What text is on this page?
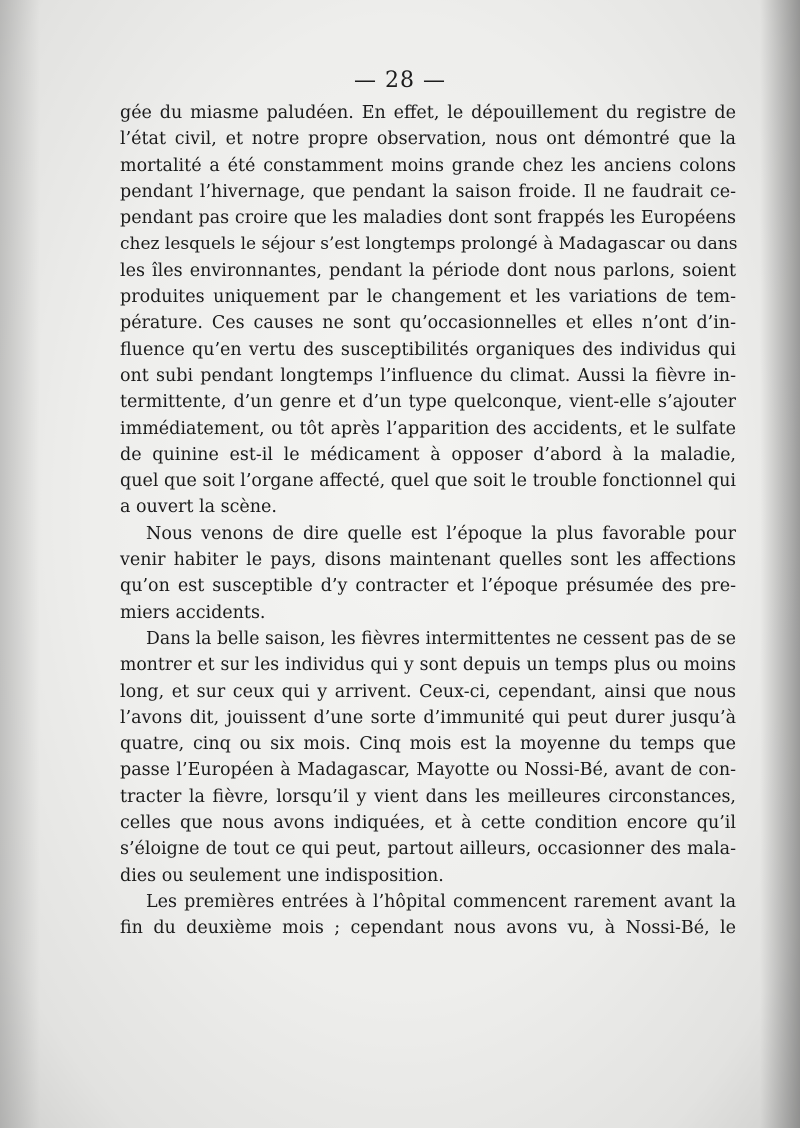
— 28 —
gée du miasme paludéen. En effet, le dépouillement du registre de
l’état civil, et notre propre observation, nous ont démontré que la
mortalité a été constamment moins grande chez les anciens colons
pendant l’hivernage, que pendant la saison froide. Il ne faudrait ce-
pendant pas croire que les maladies dont sont frappés les Européens
chez lesquels le séjour s’est longtemps prolongé à Madagascar ou dans
les îles environnantes, pendant la période dont nous parlons, soient
produites uniquement par le changement et les variations de tem-
pérature. Ces causes ne sont qu’occasionnelles et elles n’ont d’in-
fluence qu’en vertu des susceptibilités organiques des individus qui
ont subi pendant longtemps l’influence du climat. Aussi la fièvre in-
termittente, d’un genre et d’un type quelconque, vient-elle s’ajouter
immédiatement, ou tôt après l’apparition des accidents, et le sulfate
de quinine est-il le médicament à opposer d’abord à la maladie,
quel que soit l’organe affecté, quel que soit le trouble fonctionnel qui
a ouvert la scène.
Nous venons de dire quelle est l’époque la plus favorable pour
venir habiter le pays, disons maintenant quelles sont les affections
qu’on est susceptible d’y contracter et l’époque présumée des pre-
miers accidents.
Dans la belle saison, les fièvres intermittentes ne cessent pas de se
montrer et sur les individus qui y sont depuis un temps plus ou moins
long, et sur ceux qui y arrivent. Ceux-ci, cependant, ainsi que nous
l’avons dit, jouissent d’une sorte d’immunité qui peut durer jusqu’à
quatre, cinq ou six mois. Cinq mois est la moyenne du temps que
passe l’Européen à Madagascar, Mayotte ou Nossi-Bé, avant de con-
tracter la fièvre, lorsqu’il y vient dans les meilleures circonstances,
celles que nous avons indiquées, et à cette condition encore qu’il
s’éloigne de tout ce qui peut, partout ailleurs, occasionner des mala-
dies ou seulement une indisposition.
Les premières entrées à l’hôpital commencent rarement avant la
fin du deuxième mois ; cependant nous avons vu, à Nossi-Bé, le
